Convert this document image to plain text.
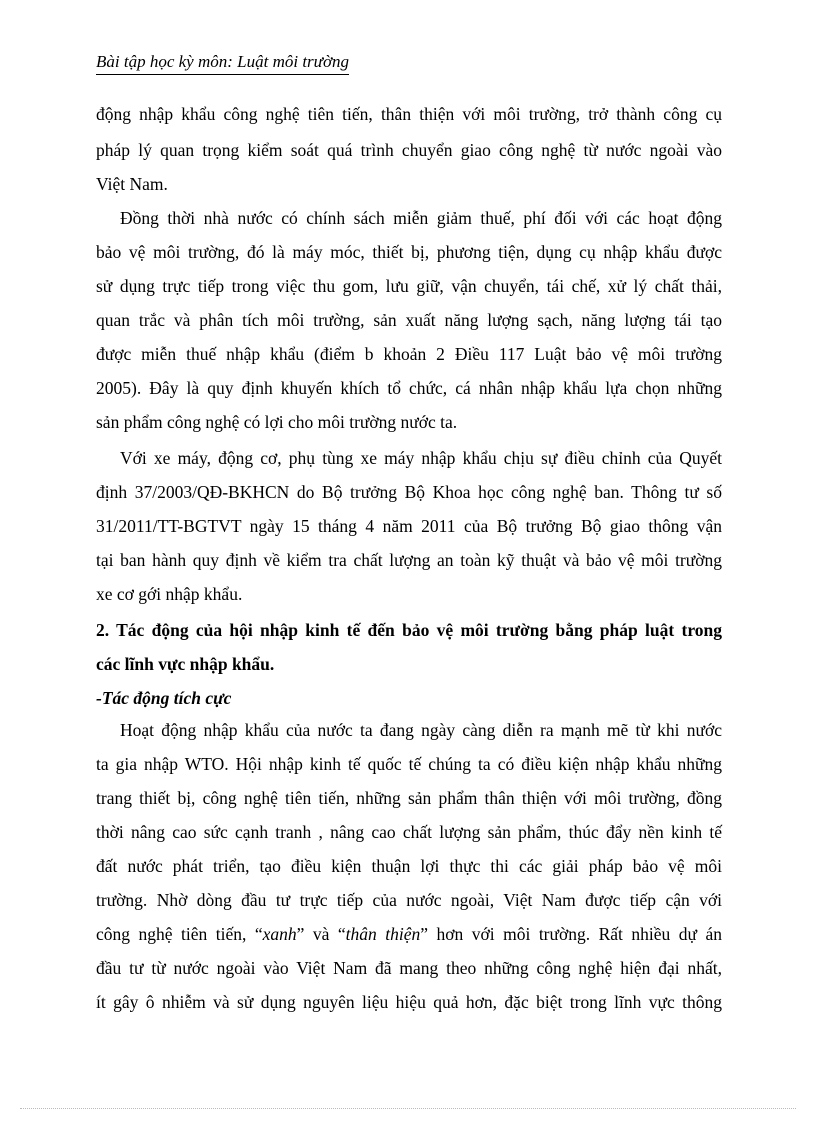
Bài tập học kỳ môn: Luật môi trường
động nhập khẩu công nghệ tiên tiến, thân thiện với môi trường, trở thành công cụ
pháp lý quan trọng kiểm soát quá trình chuyển giao công nghệ từ nước ngoài vào
Việt Nam.
Đồng thời nhà nước có chính sách miễn giảm thuế, phí đối với các hoạt động
bảo vệ môi trường, đó là máy móc, thiết bị, phương tiện, dụng cụ nhập khẩu được
sử dụng trực tiếp trong việc thu gom, lưu giữ, vận chuyển, tái chế, xử lý chất thải,
quan trắc và phân tích môi trường, sản xuất năng lượng sạch, năng lượng tái tạo
được miễn thuế nhập khẩu (điểm b khoản 2 Điều 117 Luật bảo vệ môi trường
2005). Đây là quy định khuyến khích tổ chức, cá nhân nhập khẩu lựa chọn những
sản phẩm công nghệ có lợi cho môi trường nước ta.
Với xe máy, động cơ, phụ tùng xe máy nhập khẩu chịu sự điều chỉnh của Quyết
định 37/2003/QĐ-BKHCN do Bộ trưởng Bộ Khoa học công nghệ ban. Thông tư số
31/2011/TT-BGTVT ngày 15 tháng 4 năm 2011 của Bộ trưởng Bộ giao thông vận
tại ban hành quy định về kiểm tra chất lượng an toàn kỹ thuật và bảo vệ môi trường
xe cơ gới nhập khẩu.
2. Tác động của hội nhập kinh tế đến bảo vệ môi trường bằng pháp luật trong
các lĩnh vực nhập khẩu.
-Tác động tích cực
Hoạt động nhập khẩu của nước ta đang ngày càng diễn ra mạnh mẽ từ khi nước
ta gia nhập WTO. Hội nhập kinh tế quốc tế chúng ta có điều kiện nhập khẩu những
trang thiết bị, công nghệ tiên tiến, những sản phẩm thân thiện với môi trường, đồng
thời nâng cao sức cạnh tranh , nâng cao chất lượng sản phẩm, thúc đẩy nền kinh tế
đất nước phát triển, tạo điều kiện thuận lợi thực thi các giải pháp bảo vệ môi
trường. Nhờ dòng đầu tư trực tiếp của nước ngoài, Việt Nam được tiếp cận với
công nghệ tiên tiến, “xanh” và “thân thiện” hơn với môi trường. Rất nhiều dự án
đầu tư từ nước ngoài vào Việt Nam đã mang theo những công nghệ hiện đại nhất,
ít gây ô nhiễm và sử dụng nguyên liệu hiệu quả hơn, đặc biệt trong lĩnh vực thông
